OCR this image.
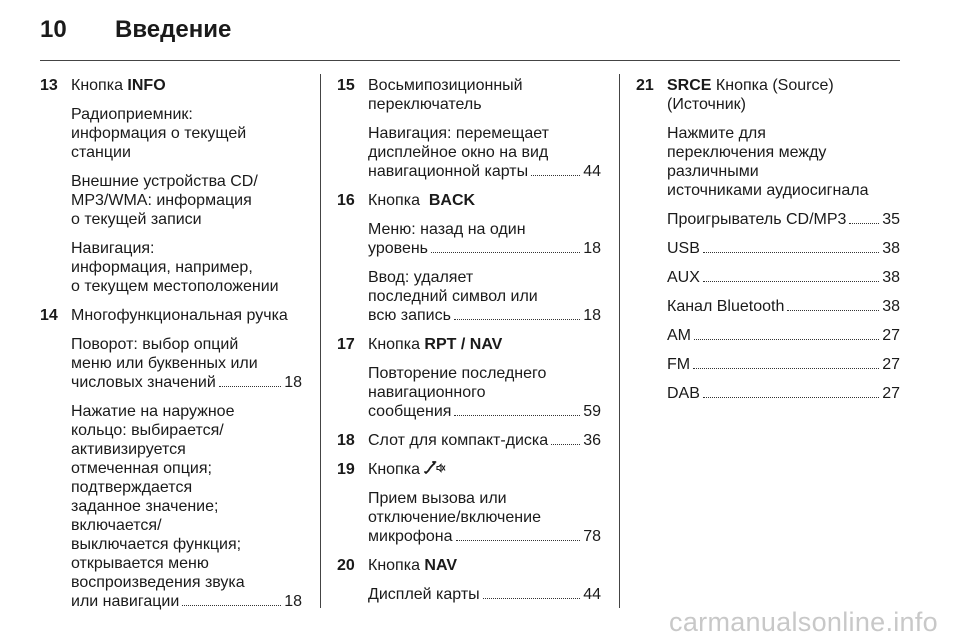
10 Введение
13 Кнопка INFO
Радиоприемник:
информация о текущей
станции
Внешние устройства CD/
MP3/WMA: информация
о текущей записи
Навигация:
информация, например,
о текущем местоположении
14 Многофункциональная ручка
Поворот: выбор опций
меню или буквенных или
числовых значений	18
Нажатие на наружное
кольцо: выбирается/
активизируется
отмеченная опция;
подтверждается
заданное значение;
включается/
выключается функция;
открывается меню
воспроизведения звука
или навигации	18
15 Восьмипозиционный
переключатель
Навигация: перемещает
дисплейное окно на вид
навигационной карты	44
16 Кнопка BACK
Меню: назад на один
уровень	18
Ввод: удаляет
последний символ или
всю запись	18
17 Кнопка RPT / NAV
Повторение последнего
навигационного
сообщения	59
18 Слот для компакт-диска 36
19 Кнопка
Прием вызова или
отключение/включение
микрофона	78
20 Кнопка NAV
Дисплей карты	44
21 SRCE Кнопка (Source)
(Источник)
Нажмите для
переключения между
различными
источниками аудиосигнала
Проигрыватель CD/MP3 35
USB	38
AUX	38
Канал Bluetooth	38
AM	27
FM	27
DAB	27
carmanualsonline.info
